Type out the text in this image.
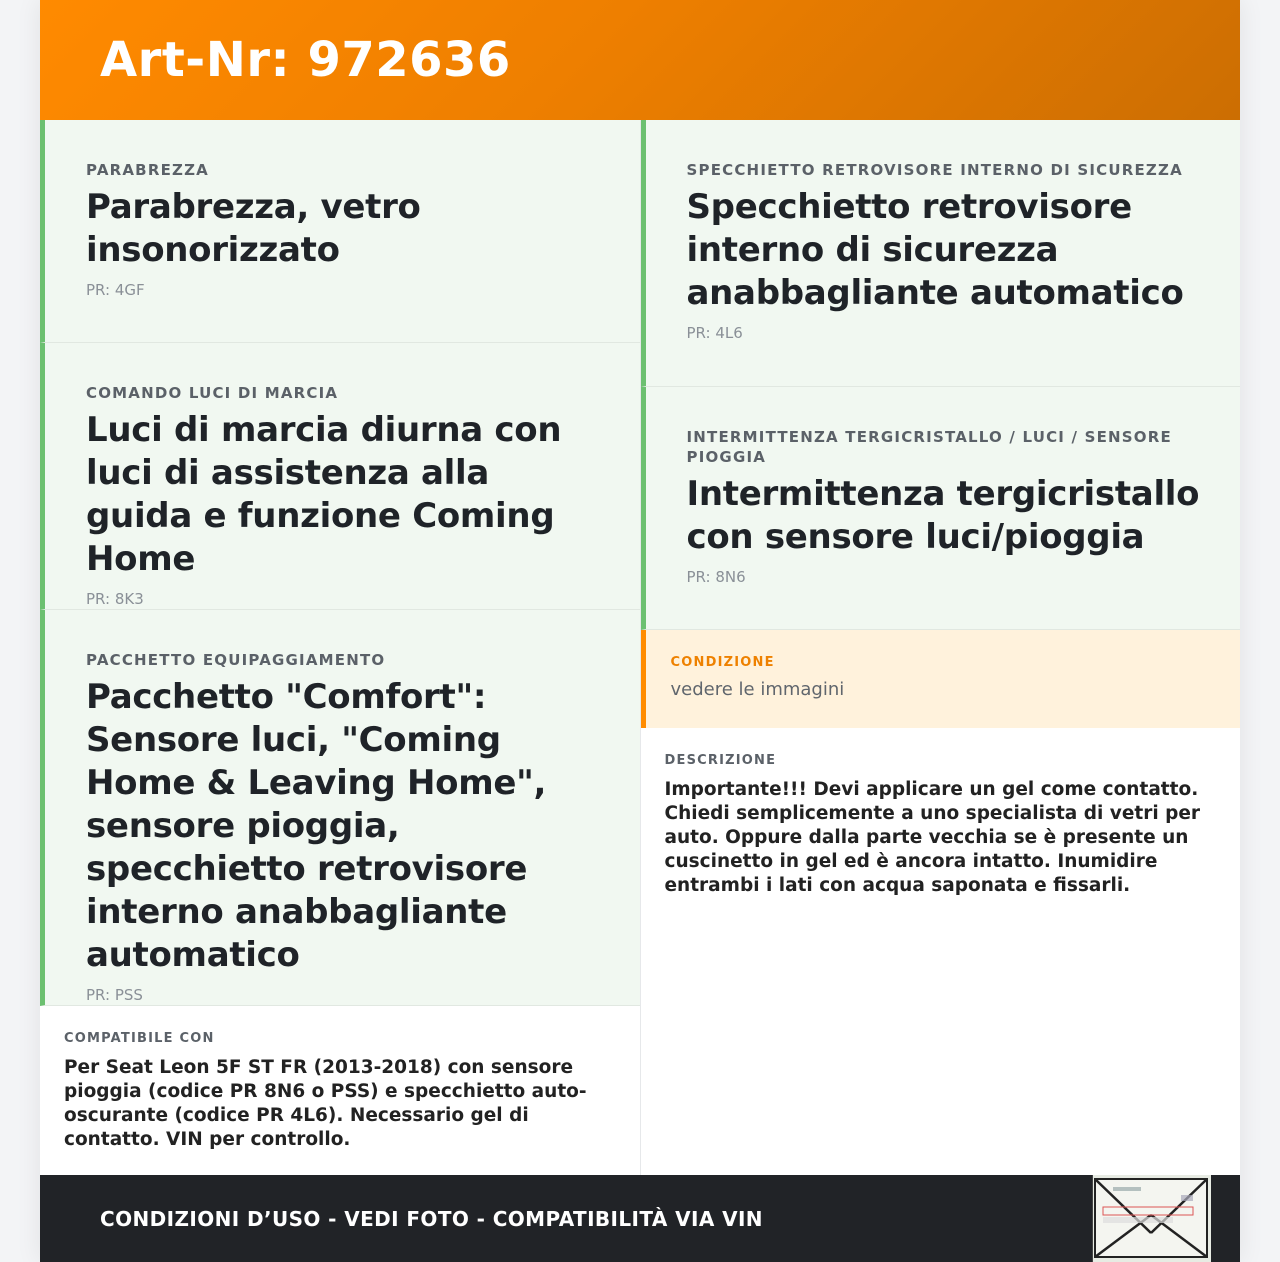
Art-Nr: 972636
PARABREZZA
Parabrezza, vetro insonorizzato
PR: 4GF
COMANDO LUCI DI MARCIA
Luci di marcia diurna con luci di assistenza alla guida e funzione Coming Home
PR: 8K3
PACCHETTO EQUIPAGGIAMENTO
Pacchetto "Comfort": Sensore luci, "Coming Home & Leaving Home", sensore pioggia, specchietto retrovisore interno anabbagliante automatico
PR: PSS
COMPATIBILE CON
Per Seat Leon 5F ST FR (2013-2018) con sensore pioggia (codice PR 8N6 o PSS) e specchietto auto-oscurante (codice PR 4L6). Necessario gel di contatto. VIN per controllo.
SPECCHIETTO RETROVISORE INTERNO DI SICUREZZA
Specchietto retrovisore interno di sicurezza anabbagliante automatico
PR: 4L6
INTERMITTENZA TERGICRISTALLO / LUCI / SENSORE PIOGGIA
Intermittenza tergicristallo con sensore luci/pioggia
PR: 8N6
CONDIZIONE
vedere le immagini
DESCRIZIONE
Importante!!! Devi applicare un gel come contatto. Chiedi semplicemente a uno specialista di vetri per auto. Oppure dalla parte vecchia se è presente un cuscinetto in gel ed è ancora intatto. Inumidire entrambi i lati con acqua saponata e fissarli.
CONDIZIONI D’USO - VEDI FOTO - COMPATIBILITÀ VIA VIN
